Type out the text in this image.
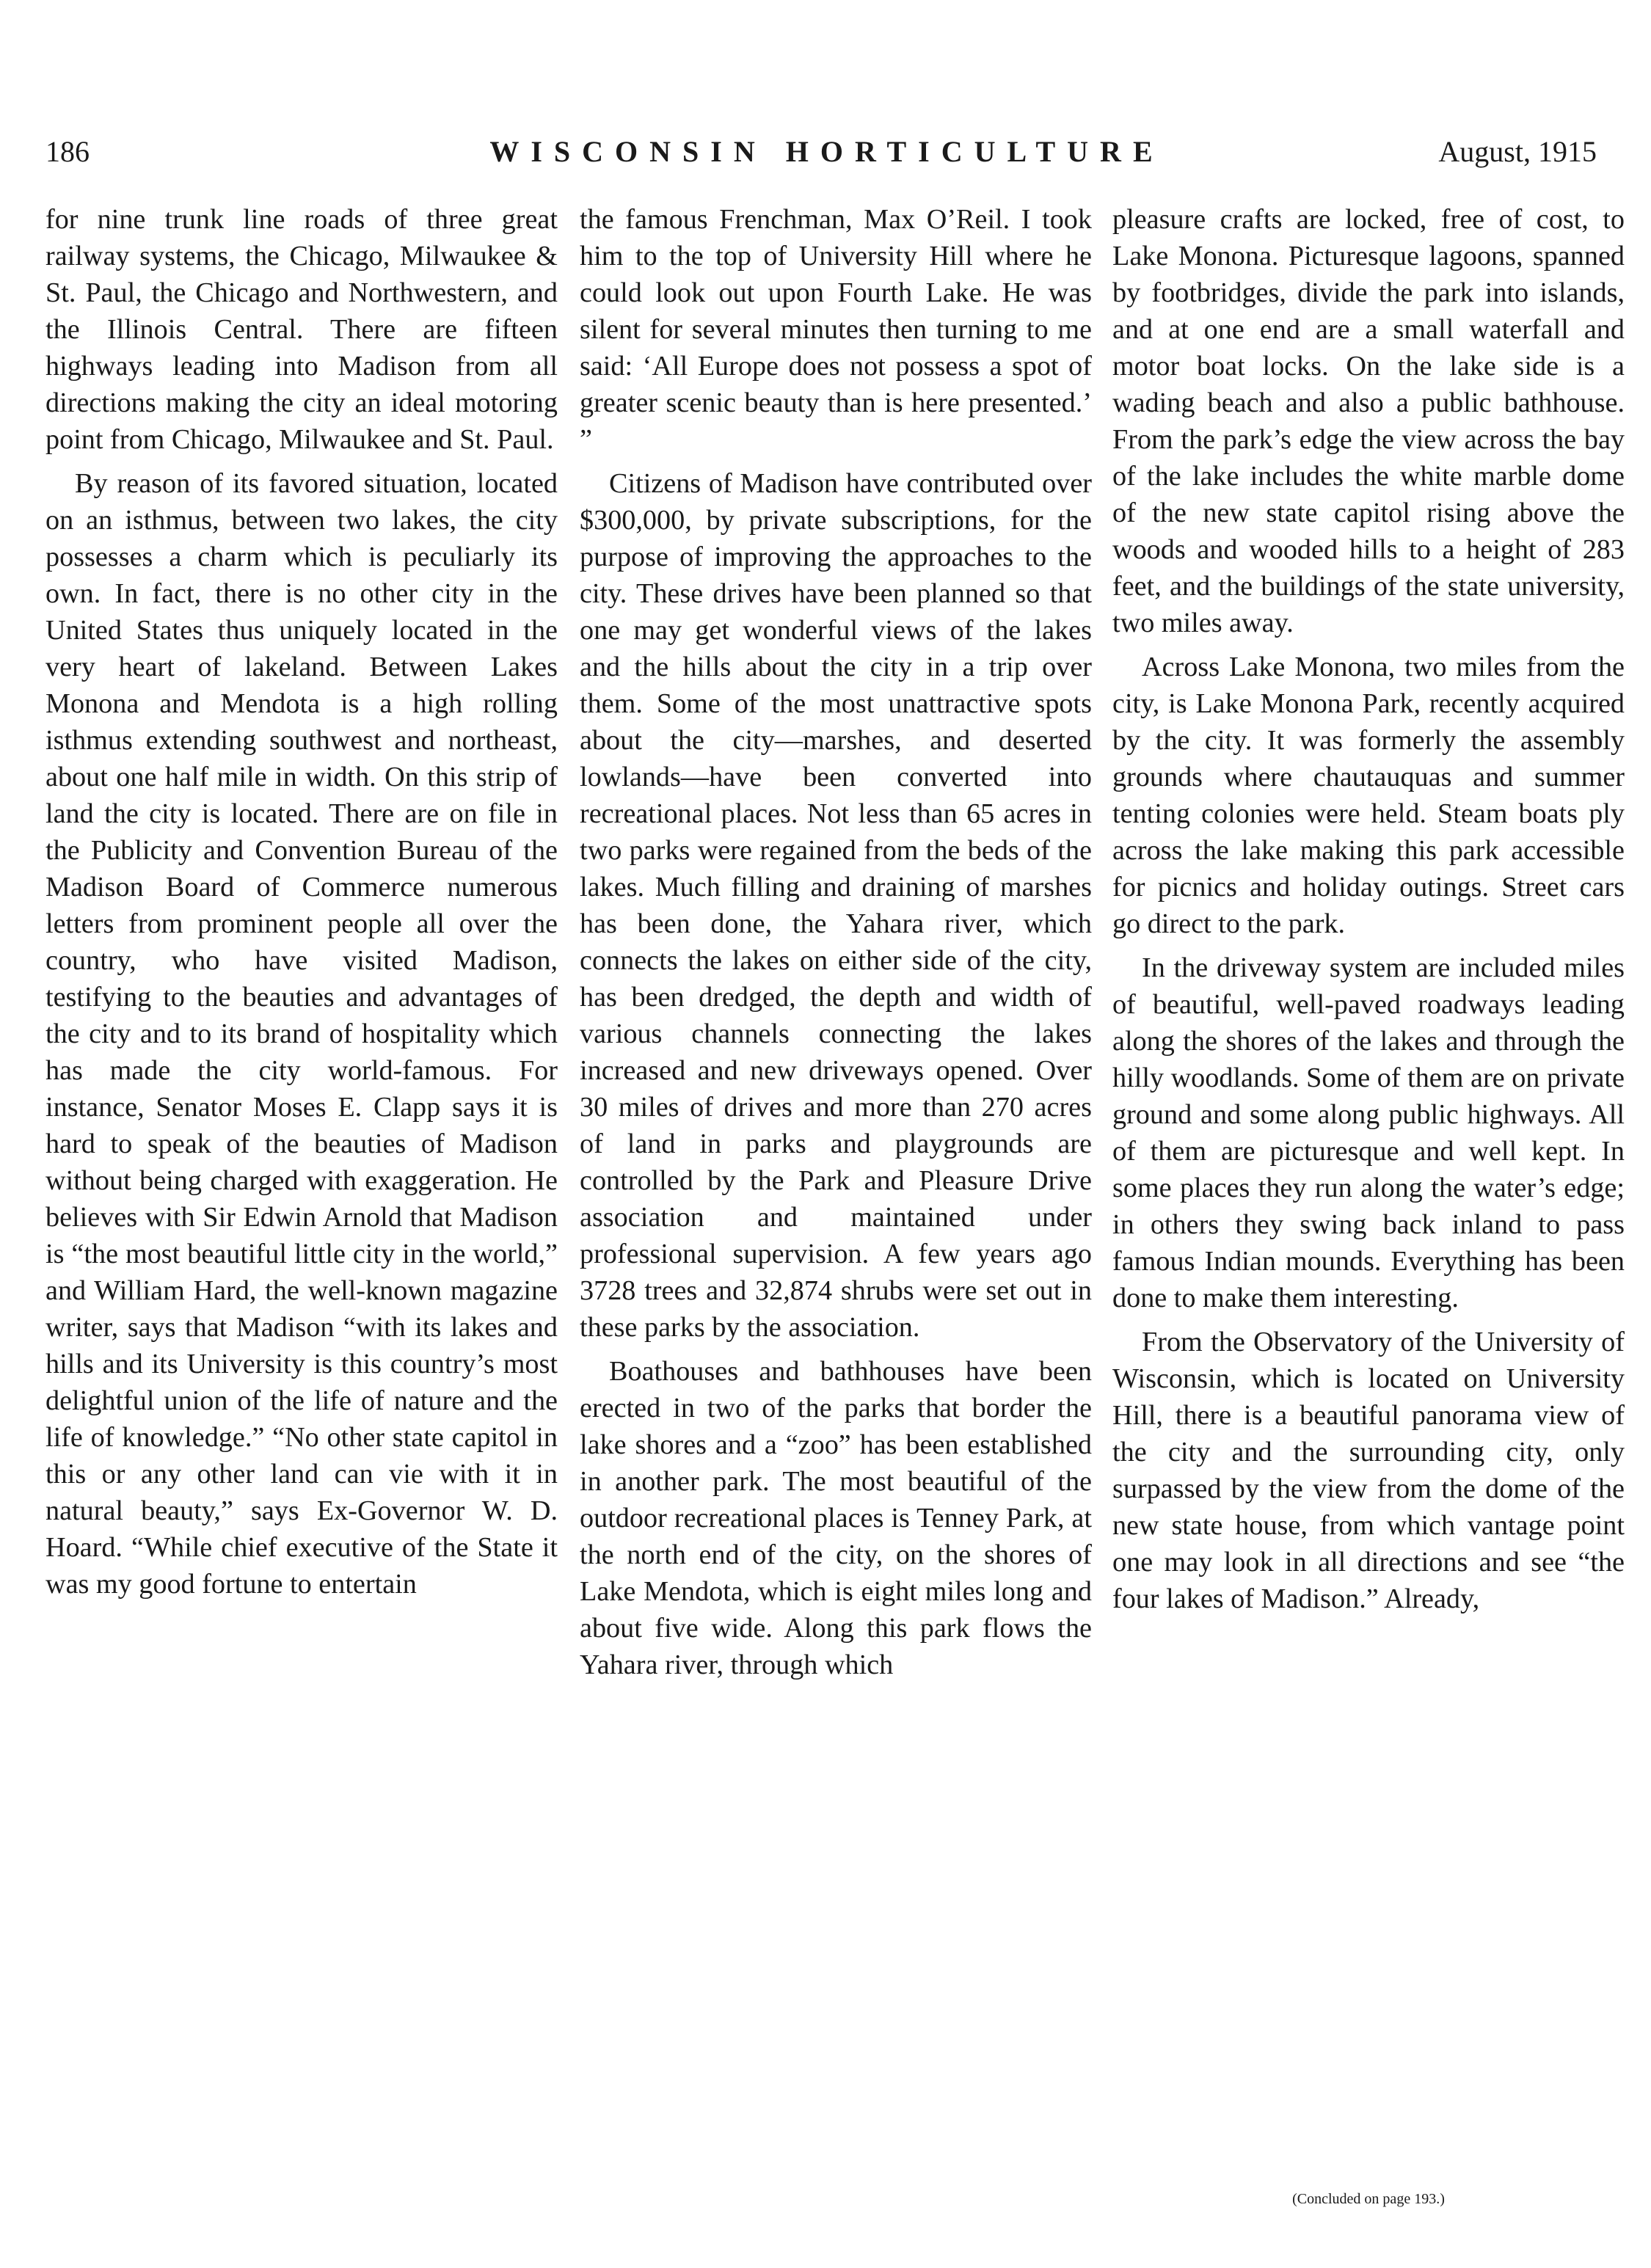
186	WISCONSIN HORTICULTURE	August, 1915

for nine trunk line roads of three great railway systems, the Chicago, Milwaukee & St. Paul, the Chicago and Northwestern, and the Illinois Central. There are fifteen highways leading into Madison from all directions making the city an ideal motoring point from Chicago, Milwaukee and St. Paul.

By reason of its favored situation, located on an isthmus, between two lakes, the city possesses a charm which is peculiarly its own. In fact, there is no other city in the United States thus uniquely located in the very heart of lakeland. Between Lakes Monona and Mendota is a high rolling isthmus extending southwest and northeast, about one half mile in width. On this strip of land the city is located. There are on file in the Publicity and Convention Bureau of the Madison Board of Commerce numerous letters from prominent people all over the country, who have visited Madison, testifying to the beauties and advantages of the city and to its brand of hospitality which has made the city world-famous. For instance, Senator Moses E. Clapp says it is hard to speak of the beauties of Madison without being charged with exaggeration. He believes with Sir Edwin Arnold that Madison is “the most beautiful little city in the world,” and William Hard, the well-known magazine writer, says that Madison “with its lakes and hills and its University is this country’s most delightful union of the life of nature and the life of knowledge.” “No other state capitol in this or any other land can vie with it in natural beauty,” says Ex-Governor W. D. Hoard. “While chief executive of the State it was my good fortune to entertain

the famous Frenchman, Max O’Reil. I took him to the top of University Hill where he could look out upon Fourth Lake. He was silent for several minutes then turning to me said: ‘All Europe does not possess a spot of greater scenic beauty than is here presented.’ ”

Citizens of Madison have contributed over $300,000, by private subscriptions, for the purpose of improving the approaches to the city. These drives have been planned so that one may get wonderful views of the lakes and the hills about the city in a trip over them. Some of the most unattractive spots about the city—marshes, and deserted lowlands—have been converted into recreational places. Not less than 65 acres in two parks were regained from the beds of the lakes. Much filling and draining of marshes has been done, the Yahara river, which connects the lakes on either side of the city, has been dredged, the depth and width of various channels connecting the lakes increased and new driveways opened. Over 30 miles of drives and more than 270 acres of land in parks and playgrounds are controlled by the Park and Pleasure Drive association and maintained under professional supervision. A few years ago 3728 trees and 32,874 shrubs were set out in these parks by the association.

Boathouses and bathhouses have been erected in two of the parks that border the lake shores and a “zoo” has been established in another park. The most beautiful of the outdoor recreational places is Tenney Park, at the north end of the city, on the shores of Lake Mendota, which is eight miles long and about five wide. Along this park flows the Yahara river, through which

pleasure crafts are locked, free of cost, to Lake Monona. Picturesque lagoons, spanned by footbridges, divide the park into islands, and at one end are a small waterfall and motor boat locks. On the lake side is a wading beach and also a public bathhouse. From the park’s edge the view across the bay of the lake includes the white marble dome of the new state capitol rising above the woods and wooded hills to a height of 283 feet, and the buildings of the state university, two miles away.

Across Lake Monona, two miles from the city, is Lake Monona Park, recently acquired by the city. It was formerly the assembly grounds where chautauquas and summer tenting colonies were held. Steam boats ply across the lake making this park accessible for picnics and holiday outings. Street cars go direct to the park.

In the driveway system are included miles of beautiful, well-paved roadways leading along the shores of the lakes and through the hilly woodlands. Some of them are on private ground and some along public highways. All of them are picturesque and well kept. In some places they run along the water’s edge; in others they swing back inland to pass famous Indian mounds. Everything has been done to make them interesting.

From the Observatory of the University of Wisconsin, which is located on University Hill, there is a beautiful panorama view of the city and the surrounding city, only surpassed by the view from the dome of the new state house, from which vantage point one may look in all directions and see “the four lakes of Madison.” Already,

(Concluded on page 193.)
